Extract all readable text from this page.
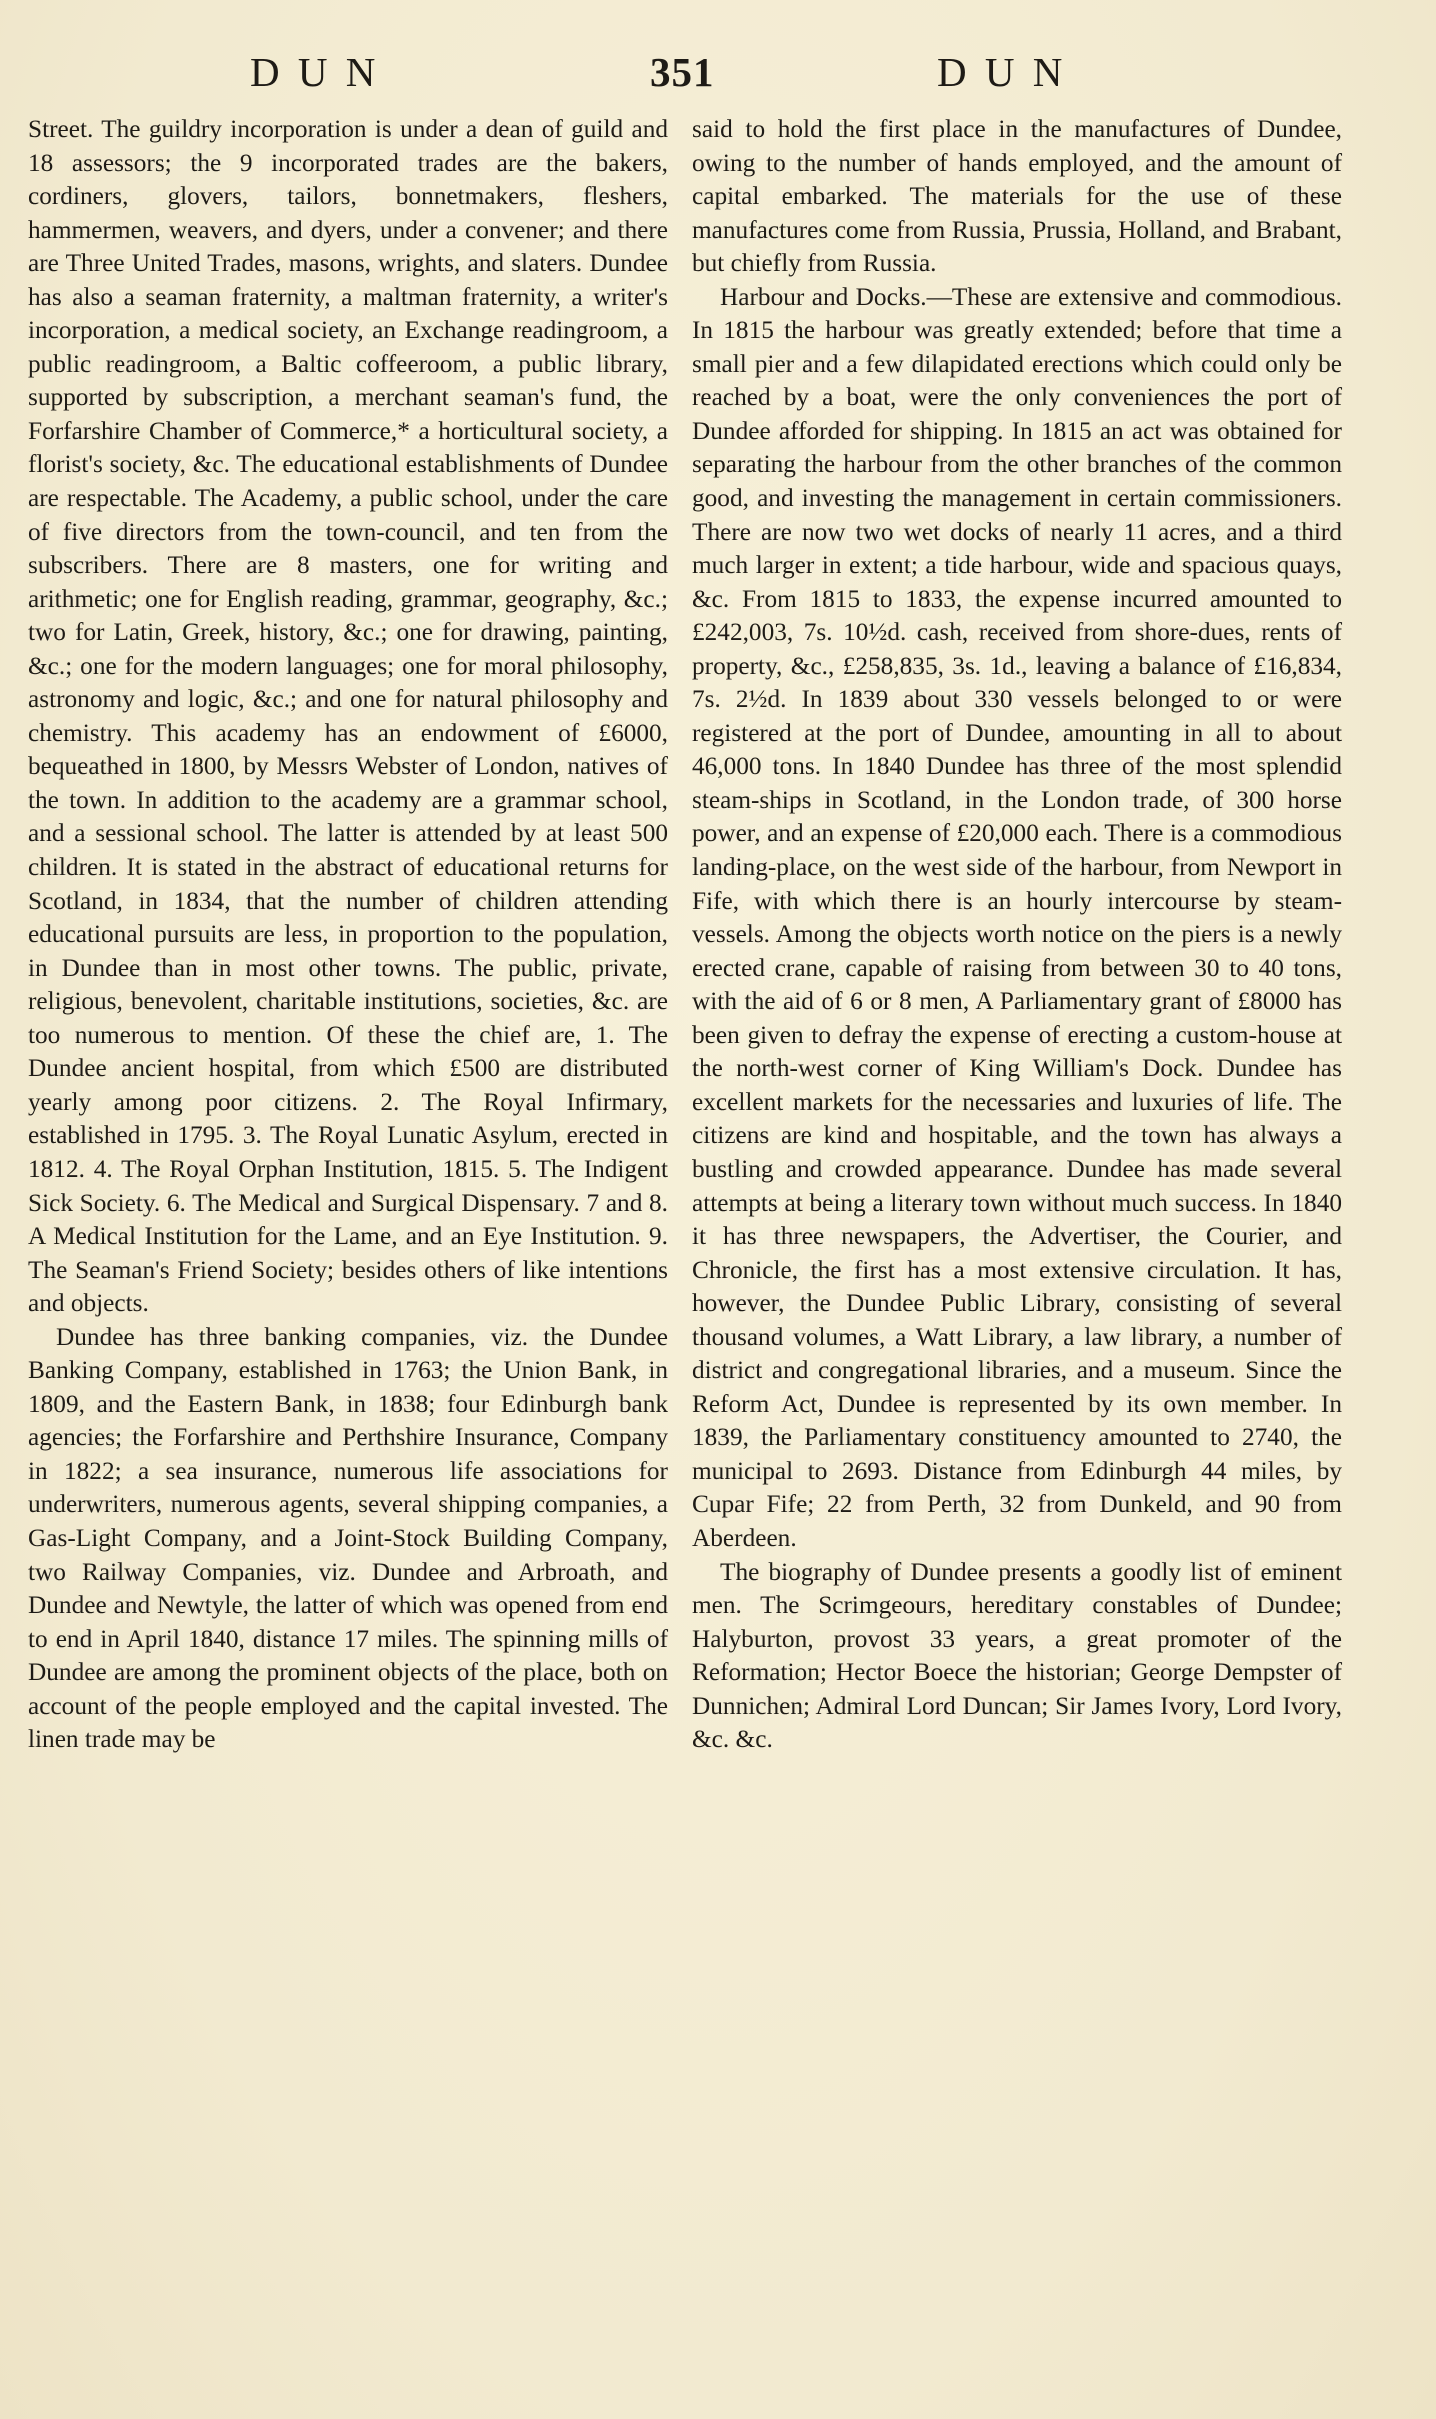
D U N	351	D U N

Street. The guildry incorporation is under a dean of guild and 18 assessors; the 9 incorporated trades are the bakers, cordiners, glovers, tailors, bonnetmakers, fleshers, hammermen, weavers, and dyers, under a convener; and there are Three United Trades, masons, wrights, and slaters. Dundee has also a seaman fraternity, a maltman fraternity, a writer's incorporation, a medical society, an Exchange readingroom, a public readingroom, a Baltic coffeeroom, a public library, supported by subscription, a merchant seaman's fund, the Forfarshire Chamber of Commerce,* a horticultural society, a florist's society, &c. The educational establishments of Dundee are respectable. The Academy, a public school, under the care of five directors from the town-council, and ten from the subscribers. There are 8 masters, one for writing and arithmetic; one for English reading, grammar, geography, &c.; two for Latin, Greek, history, &c.; one for drawing, painting, &c.; one for the modern languages; one for moral philosophy, astronomy and logic, &c.; and one for natural philosophy and chemistry. This academy has an endowment of £6000, bequeathed in 1800, by Messrs Webster of London, natives of the town. In addition to the academy are a grammar school, and a sessional school. The latter is attended by at least 500 children. It is stated in the abstract of educational returns for Scotland, in 1834, that the number of children attending educational pursuits are less, in proportion to the population, in Dundee than in most other towns. The public, private, religious, benevolent, charitable institutions, societies, &c. are too numerous to mention. Of these the chief are, 1. The Dundee ancient hospital, from which £500 are distributed yearly among poor citizens. 2. The Royal Infirmary, established in 1795. 3. The Royal Lunatic Asylum, erected in 1812. 4. The Royal Orphan Institution, 1815. 5. The Indigent Sick Society. 6. The Medical and Surgical Dispensary. 7 and 8. A Medical Institution for the Lame, and an Eye Institution. 9. The Seaman's Friend Society; besides others of like intentions and objects.

Dundee has three banking companies, viz. the Dundee Banking Company, established in 1763; the Union Bank, in 1809, and the Eastern Bank, in 1838; four Edinburgh bank agencies; the Forfarshire and Perthshire Insurance, Company in 1822; a sea insurance, numerous life associations for underwriters, numerous agents, several shipping companies, a Gas-Light Company, and a Joint-Stock Building Company, two Railway Companies, viz. Dundee and Arbroath, and Dundee and Newtyle, the latter of which was opened from end to end in April 1840, distance 17 miles. The spinning mills of Dundee are among the prominent objects of the place, both on account of the people employed and the capital invested. The linen trade may be

said to hold the first place in the manufactures of Dundee, owing to the number of hands employed, and the amount of capital embarked. The materials for the use of these manufactures come from Russia, Prussia, Holland, and Brabant, but chiefly from Russia.

Harbour and Docks.—These are extensive and commodious. In 1815 the harbour was greatly extended; before that time a small pier and a few dilapidated erections which could only be reached by a boat, were the only conveniences the port of Dundee afforded for shipping. In 1815 an act was obtained for separating the harbour from the other branches of the common good, and investing the management in certain commissioners. There are now two wet docks of nearly 11 acres, and a third much larger in extent; a tide harbour, wide and spacious quays, &c. From 1815 to 1833, the expense incurred amounted to £242,003, 7s. 10½d. cash, received from shore-dues, rents of property, &c., £258,835, 3s. 1d., leaving a balance of £16,834, 7s. 2½d. In 1839 about 330 vessels belonged to or were registered at the port of Dundee, amounting in all to about 46,000 tons. In 1840 Dundee has three of the most splendid steam-ships in Scotland, in the London trade, of 300 horse power, and an expense of £20,000 each. There is a commodious landing-place, on the west side of the harbour, from Newport in Fife, with which there is an hourly intercourse by steam-vessels. Among the objects worth notice on the piers is a newly erected crane, capable of raising from between 30 to 40 tons, with the aid of 6 or 8 men, A Parliamentary grant of £8000 has been given to defray the expense of erecting a custom-house at the north-west corner of King William's Dock. Dundee has excellent markets for the necessaries and luxuries of life. The citizens are kind and hospitable, and the town has always a bustling and crowded appearance. Dundee has made several attempts at being a literary town without much success. In 1840 it has three newspapers, the Advertiser, the Courier, and Chronicle, the first has a most extensive circulation. It has, however, the Dundee Public Library, consisting of several thousand volumes, a Watt Library, a law library, a number of district and congregational libraries, and a museum. Since the Reform Act, Dundee is represented by its own member. In 1839, the Parliamentary constituency amounted to 2740, the municipal to 2693. Distance from Edinburgh 44 miles, by Cupar Fife; 22 from Perth, 32 from Dunkeld, and 90 from Aberdeen.

The biography of Dundee presents a goodly list of eminent men. The Scrimgeours, hereditary constables of Dundee; Halyburton, provost 33 years, a great promoter of the Reformation; Hector Boece the historian; George Dempster of Dunnichen; Admiral Lord Duncan; Sir James Ivory, Lord Ivory, &c. &c.
